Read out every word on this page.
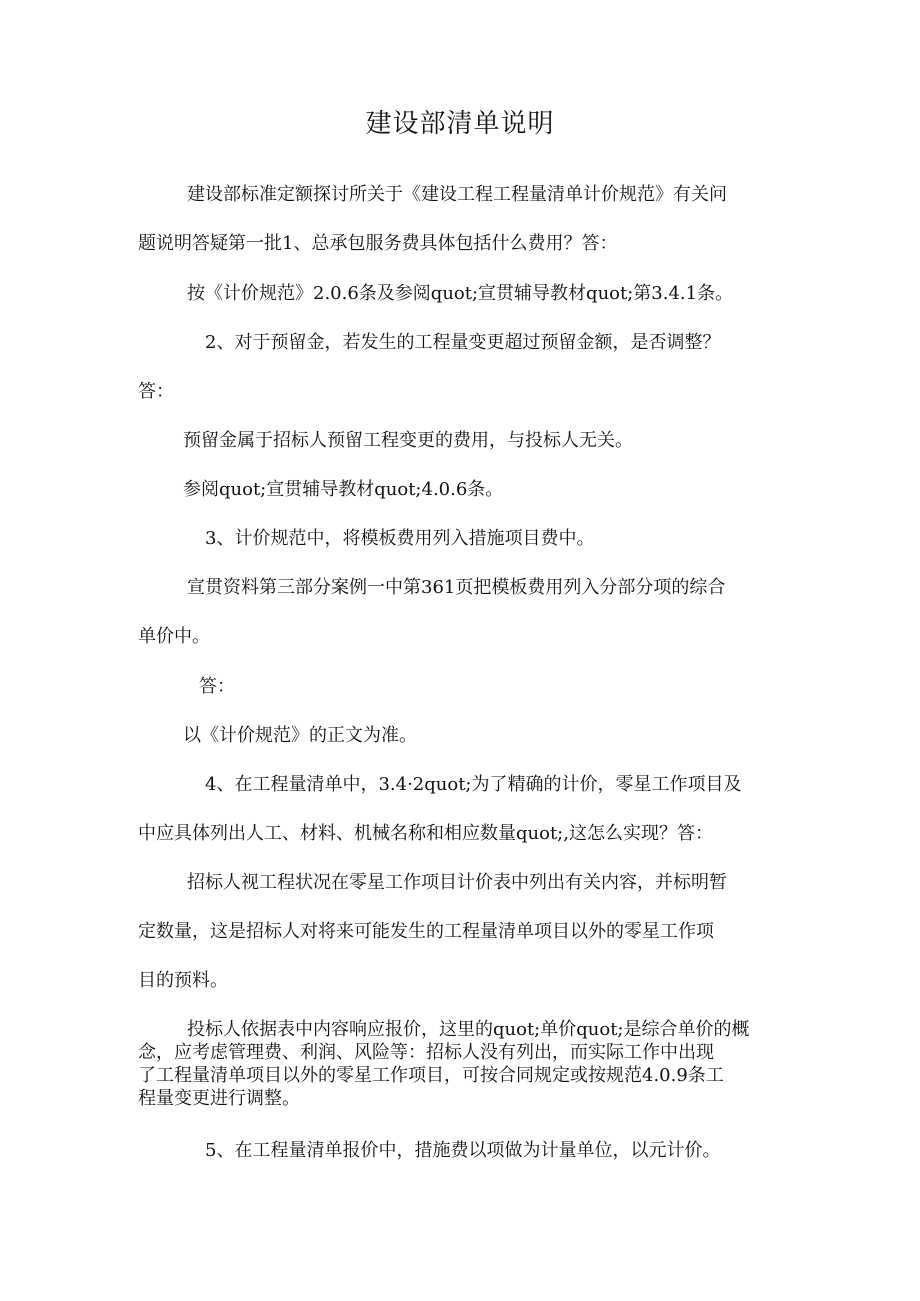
建设部清单说明
建设部标准定额探讨所关于《建设工程工程量清单计价规范》有关问
题说明答疑第一批1、总承包服务费具体包括什么费用？答：
按《计价规范》2.0.6条及参阅quot;宣贯辅导教材quot;第3.4.1条。
2、对于预留金，若发生的工程量变更超过预留金额，是否调整？
答：
预留金属于招标人预留工程变更的费用，与投标人无关。
参阅quot;宣贯辅导教材quot;4.0.6条。
3、计价规范中，将模板费用列入措施项目费中。
宣贯资料第三部分案例一中第361页把模板费用列入分部分项的综合
单价中。
答：
以《计价规范》的正文为准。
4、在工程量清单中，3.4·2quot;为了精确的计价，零星工作项目及
中应具体列出人工、材料、机械名称和相应数量quot;,这怎么实现？答：
招标人视工程状况在零星工作项目计价表中列出有关内容，并标明暂
定数量，这是招标人对将来可能发生的工程量清单项目以外的零星工作项
目的预料。
投标人依据表中内容响应报价，这里的quot;单价quot;是综合单价的概
念，应考虑管理费、利润、风险等：招标人没有列出，而实际工作中出现
了工程量清单项目以外的零星工作项目，可按合同规定或按规范4.0.9条工
程量变更进行调整。
5、在工程量清单报价中，措施费以项做为计量单位，以元计价。
